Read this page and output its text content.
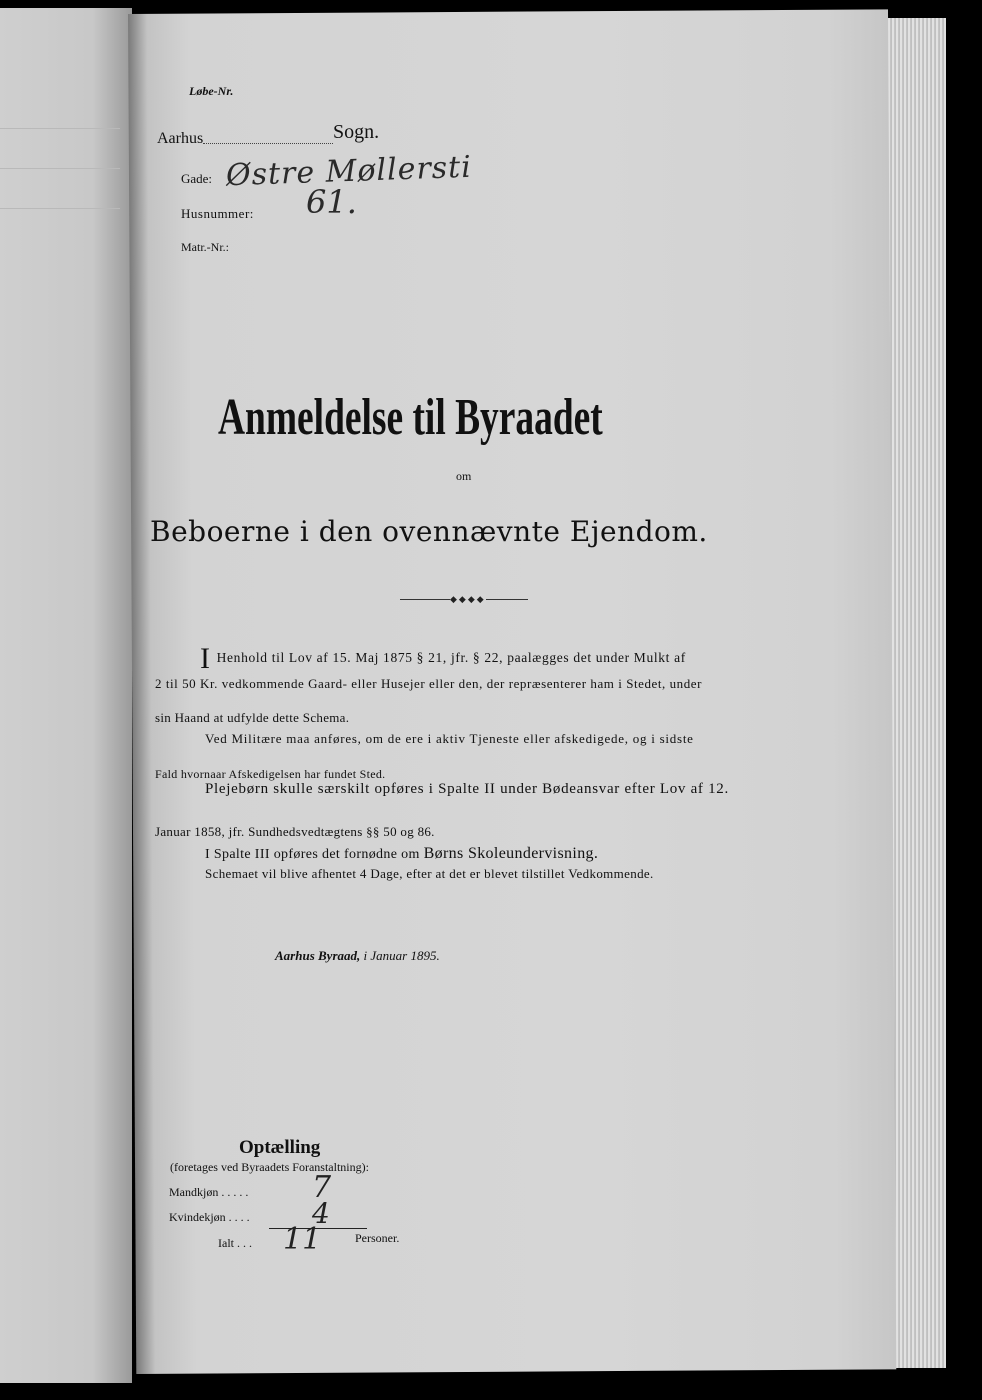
Løbe-Nr.
Aarhus	Sogn.
Gade: Østre Møllersti
Husnummer: 61.
Matr.-Nr.:
Anmeldelse til Byraadet
om
Beboerne i den ovennævnte Ejendom.
◆◆◆◆
I Henhold til Lov af 15. Maj 1875 § 21, jfr. § 22, paalægges det under Mulkt af
2 til 50 Kr. vedkommende Gaard- eller Husejer eller den, der repræsenterer ham i Stedet, under
sin Haand at udfylde dette Schema.
Ved Militære maa anføres, om de ere i aktiv Tjeneste eller afskedigede, og i sidste
Fald hvornaar Afskedigelsen har fundet Sted.
Plejebørn skulle særskilt opføres i Spalte II under Bødeansvar efter Lov af 12.
Januar 1858, jfr. Sundhedsvedtægtens §§ 50 og 86.
I Spalte III opføres det fornødne om Børns Skoleundervisning.
Schemaet vil blive afhentet 4 Dage, efter at det er blevet tilstillet Vedkommende.
Aarhus Byraad, i Januar 1895.
Optælling
(foretages ved Byraadets Foranstaltning):
Mandkjøn . . . . . 7
Kvindekjøn . . . . 4
Ialt . . . 11	Personer.
